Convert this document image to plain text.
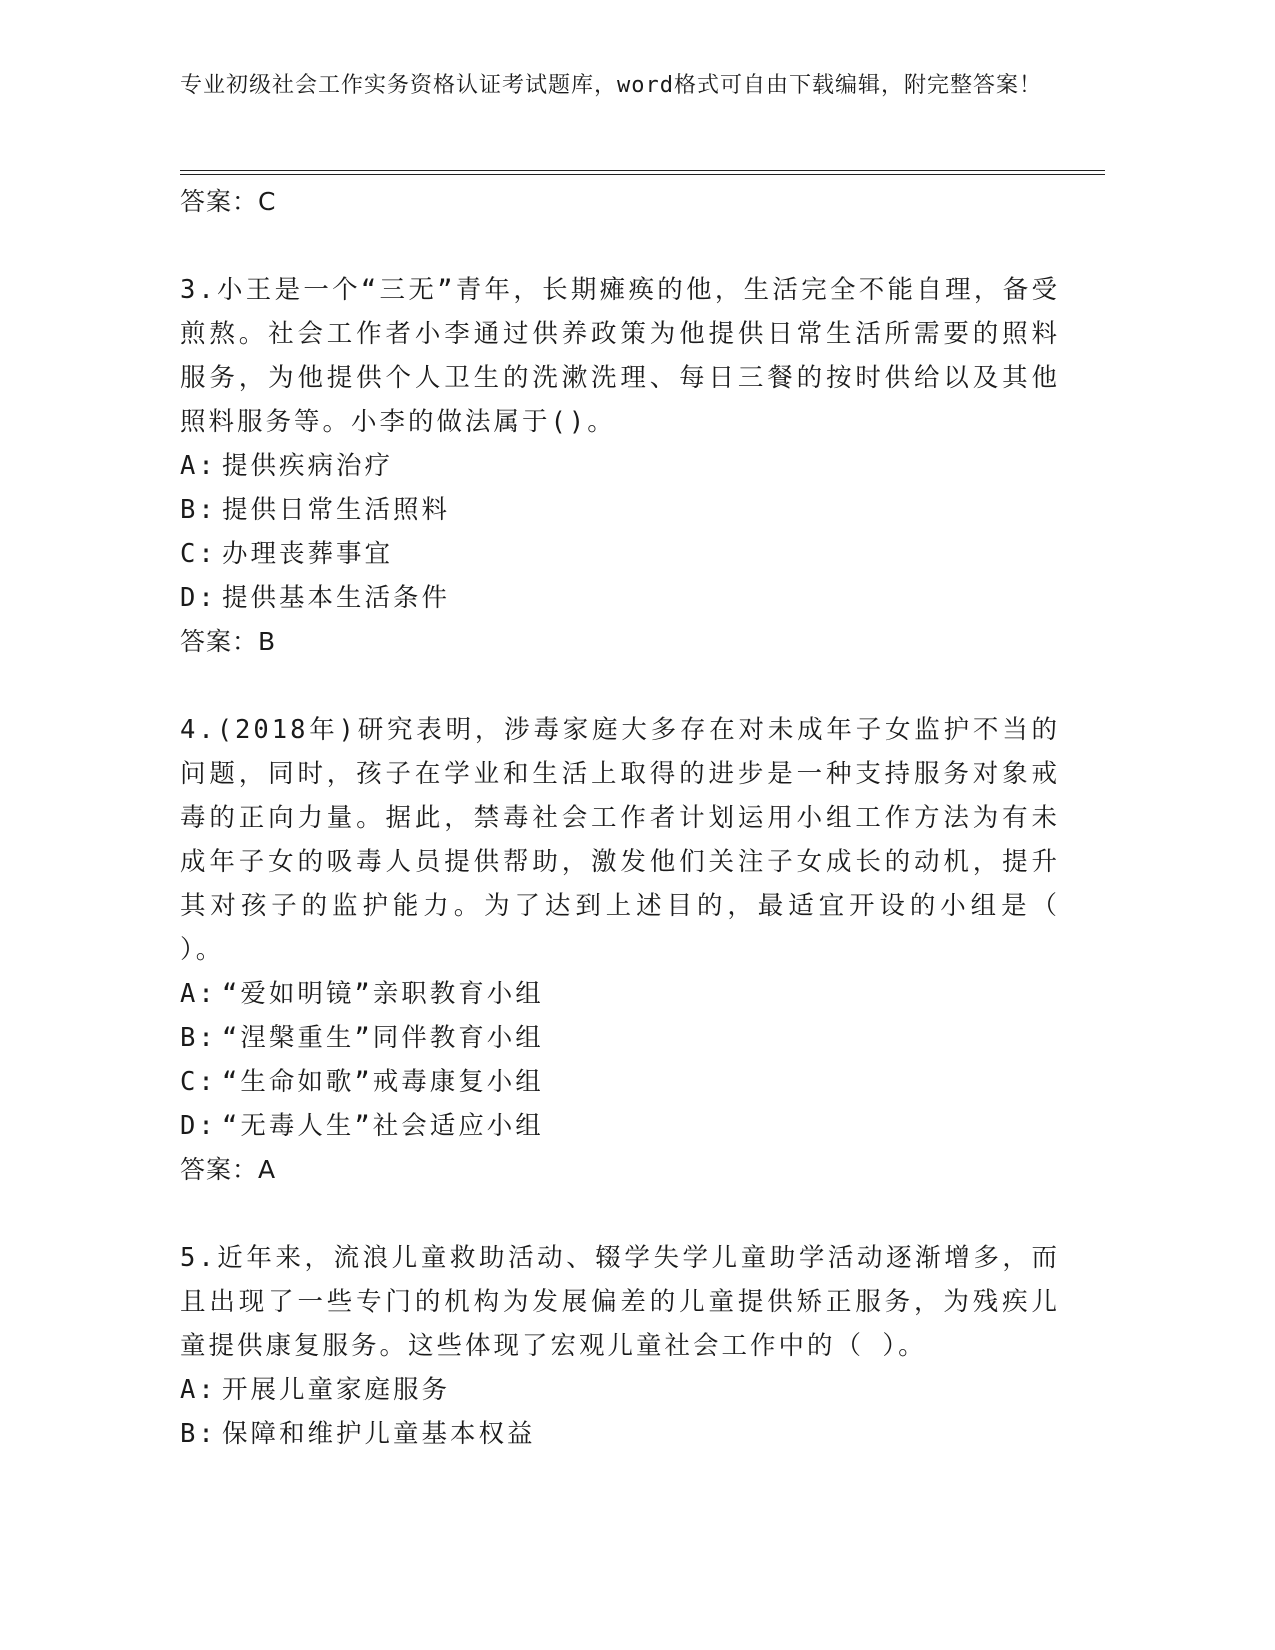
专业初级社会工作实务资格认证考试题库，word格式可自由下载编辑，附完整答案！
答案：C

3.小王是一个“三无”青年，长期瘫痪的他，生活完全不能自理，备受煎熬。社会工作者小李通过供养政策为他提供日常生活所需要的照料服务，为他提供个人卫生的洗漱洗理、每日三餐的按时供给以及其他照料服务等。小李的做法属于()。

A: 提供疾病治疗
B: 提供日常生活照料
C: 办理丧葬事宜
D: 提供基本生活条件
答案：B

4.(2018年)研究表明，涉毒家庭大多存在对未成年子女监护不当的问题，同时，孩子在学业和生活上取得的进步是一种支持服务对象戒毒的正向力量。据此，禁毒社会工作者计划运用小组工作方法为有未成年子女的吸毒人员提供帮助，激发他们关注子女成长的动机，提升其对孩子的监护能力。为了达到上述目的，最适宜开设的小组是（ ）。

A: “爱如明镜”亲职教育小组
B: “涅槃重生”同伴教育小组
C: “生命如歌”戒毒康复小组
D: “无毒人生”社会适应小组
答案：A

5.近年来，流浪儿童救助活动、辍学失学儿童助学活动逐渐增多，而且出现了一些专门的机构为发展偏差的儿童提供矫正服务，为残疾儿童提供康复服务。这些体现了宏观儿童社会工作中的（ ）。

A: 开展儿童家庭服务
B: 保障和维护儿童基本权益
